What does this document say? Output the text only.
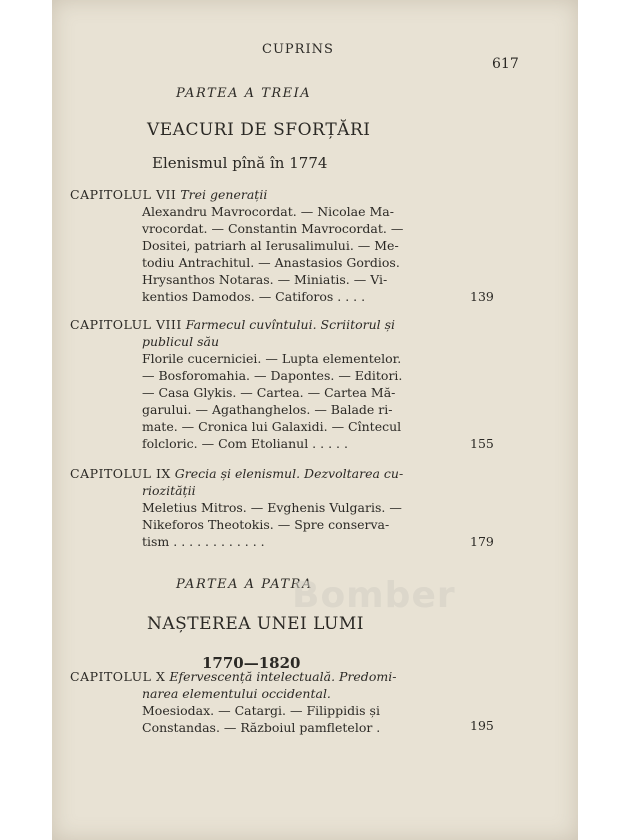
CUPRINS
617
PARTEA A TREIA
VEACURI DE SFORȚĂRI
Elenismul pînă în 1774
CAPITOLUL VII Trei generații
Alexandru Mavrocordat. — Nicolae Ma-
vrocordat. — Constantin Mavrocordat. —
Dositei, patriarh al Ierusalimului. — Me-
todiu Antrachitul. — Anastasios Gordios.
Hrysanthos Notaras. — Miniatis. — Vi-
kentios Damodos. — Catiforos . . . .	139
CAPITOLUL VIII Farmecul cuvîntului. Scriitorul și
publicul său
Florile cucerniciei. — Lupta elementelor.
— Bosforomahia. — Dapontes. — Editori.
— Casa Glykis. — Cartea. — Cartea Mă-
garului. — Agathanghelos. — Balade ri-
mate. — Cronica lui Galaxidi. — Cîntecul
folcloric. — Com Etolianul . . . . .	155
CAPITOLUL IX Grecia și elenismul. Dezvoltarea cu-
riozității
Meletius Mitros. — Evghenis Vulgaris. —
Nikeforos Theotokis. — Spre conserva-
tism . . . . . . . . . . . .	179
PARTEA A PATRA
NAȘTEREA UNEI LUMI
1770—1820
CAPITOLUL X Efervescență intelectuală. Predomi-
narea elementului occidental.
Moesiodax. — Catargi. — Filippidis și
Constandas. — Războiul pamfletelor .	195
Bomber
